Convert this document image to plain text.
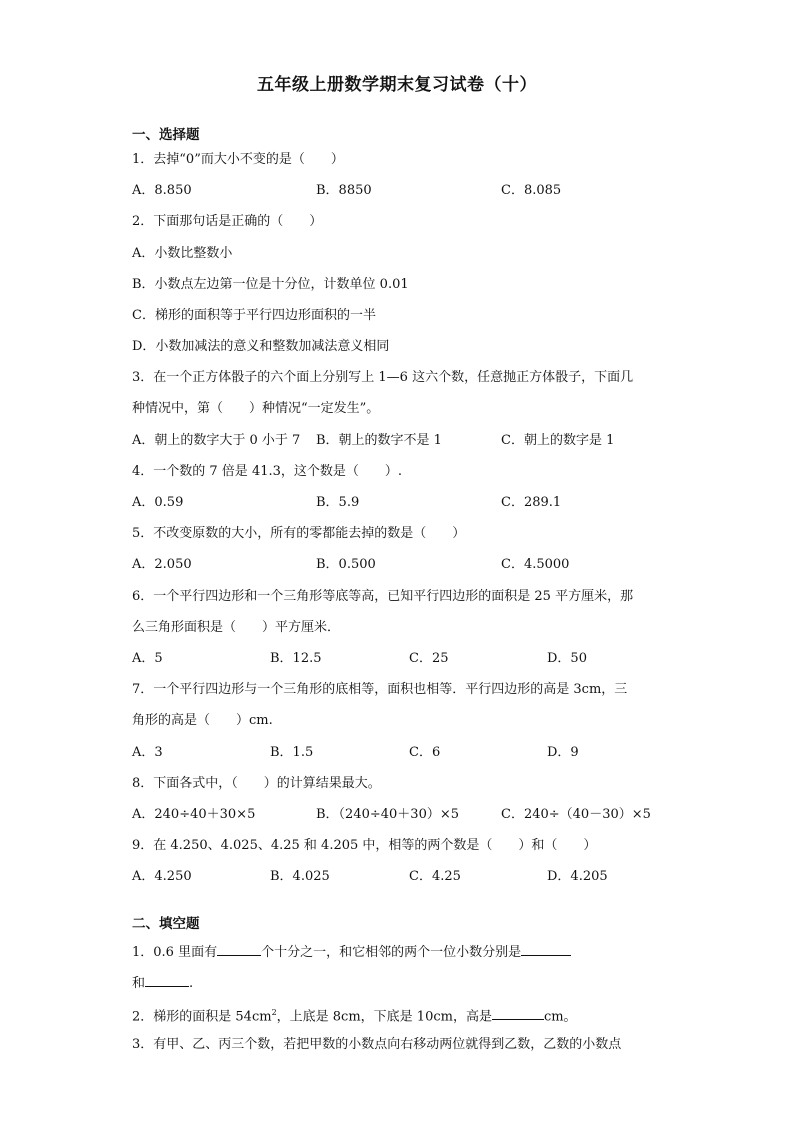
五年级上册数学期末复习试卷（十）
一、选择题
1．去掉“0”而大小不变的是（　　）
A．8.850	B．8850	C．8.085
2．下面那句话是正确的（　　）
A．小数比整数小
B．小数点左边第一位是十分位，计数单位 0.01
C．梯形的面积等于平行四边形面积的一半
D．小数加减法的意义和整数加减法意义相同
3．在一个正方体骰子的六个面上分别写上 1—6 这六个数，任意抛正方体骰子，下面几
种情况中，第（　　）种情况“一定发生”。
A．朝上的数字大于 0 小于 7 B．朝上的数字不是 1	C．朝上的数字是 1
4．一个数的 7 倍是 41.3，这个数是（　　）.
A．0.59	B．5.9	C．289.1
5．不改变原数的大小，所有的零都能去掉的数是（　　）
A．2.050	B．0.500	C．4.5000
6．一个平行四边形和一个三角形等底等高，已知平行四边形的面积是 25 平方厘米，那
么三角形面积是（　　）平方厘米．
A．5	B．12.5	C．25	D．50
7．一个平行四边形与一个三角形的底相等，面积也相等．平行四边形的高是 3cm，三
角形的高是（　　）cm.
A．3	B．1.5	C．6	D．9
8．下面各式中，（　　）的计算结果最大。
A．240÷40＋30×5	B．（240÷40＋30）×5	C．240÷（40－30）×5
9．在 4.250、4.025、4.25 和 4.205 中，相等的两个数是（　　）和（　　）
A．4.250	B．4.025	C．4.25	D．4.205
二、填空题
1．0.6 里面有	个十分之一，和它相邻的两个一位小数分别是
和	.
2．梯形的面积是 $54cm^2$，上底是 8cm，下底是 10cm，高是	cm。
3．有甲、乙、丙三个数，若把甲数的小数点向右移动两位就得到乙数，乙数的小数点
